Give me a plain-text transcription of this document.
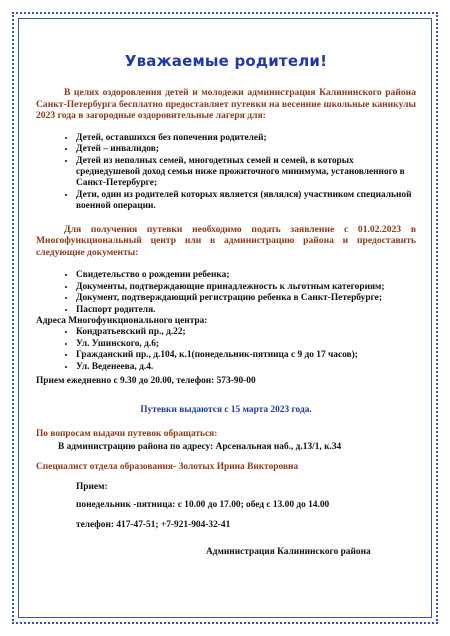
Уважаемые родители!

В целях оздоровления детей и молодежи администрация Калининского района Санкт-Петербурга бесплатно предоставляет путевки на весенние школьные каникулы 2023 года в загородные оздоровительные лагеря для:

• Детей, оставшихся без попечения родителей;
• Детей – инвалидов;
• Детей из неполных семей, многодетных семей и семей, в которых среднедушевой доход семьи ниже прожиточного минимума, установленного в Санкт-Петербурге;
• Дети, один из родителей которых является (являлся) участником специальной военной операции.

Для получения путевки необходимо подать заявление с 01.02.2023 в Многофункциональный центр или в администрацию района и предоставить следующие документы:

• Свидетельство о рождении ребенка;
• Документы, подтверждающие принадлежность к льготным категориям;
• Документ, подтверждающий регистрацию ребенка в Санкт-Петербурге;
• Паспорт родителя.

Адреса Многофункционального центра:

• Кондратьевский пр., д.22;
• Ул. Ушинского, д.6;
• Гражданский пр., д.104, к.1(понедельник-пятница с 9 до 17 часов);
• Ул. Веденеева, д.4.

Прием ежедневно с 9.30 до 20.00, телефон: 573-90-00

Путевки выдаются с 15 марта 2023 года.

По вопросам выдачи путевок обращаться:

В администрацию района по адресу: Арсенальная наб., д.13/1, к.34

Специалист отдела образования- Золотых Ирина Викторовна

Прием:

понедельник -пятница: с 10.00 до 17.00; обед с 13.00 до 14.00

телефон: 417-47-51; +7-921-904-32-41

Администрация Калининского района
